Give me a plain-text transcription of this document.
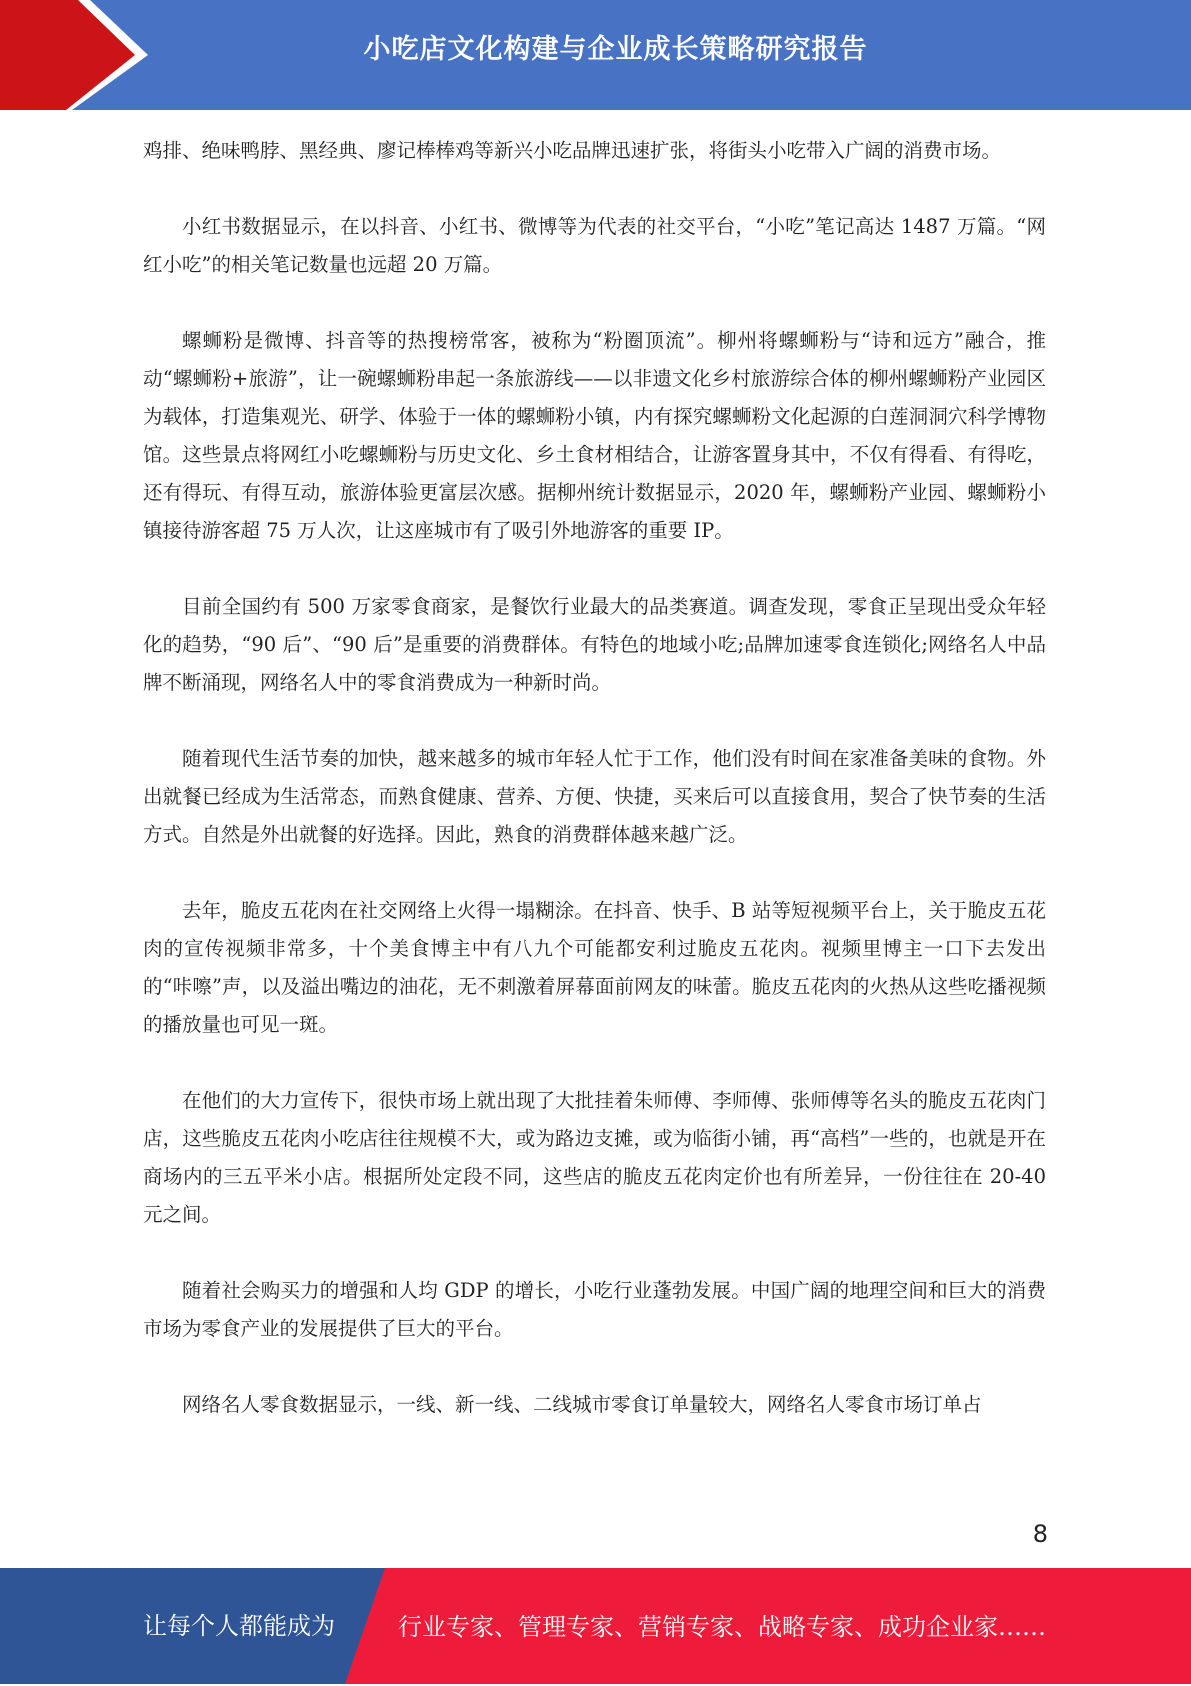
小吃店文化构建与企业成长策略研究报告

鸡排、绝味鸭脖、黑经典、廖记棒棒鸡等新兴小吃品牌迅速扩张，将街头小吃带入广阔的消费市场。

小红书数据显示，在以抖音、小红书、微博等为代表的社交平台，“小吃”笔记高达 1487 万篇。“网红小吃”的相关笔记数量也远超 20 万篇。

螺蛳粉是微博、抖音等的热搜榜常客，被称为“粉圈顶流”。柳州将螺蛳粉与“诗和远方”融合，推动“螺蛳粉+旅游”，让一碗螺蛳粉串起一条旅游线——以非遗文化乡村旅游综合体的柳州螺蛳粉产业园区为载体，打造集观光、研学、体验于一体的螺蛳粉小镇，内有探究螺蛳粉文化起源的白莲洞洞穴科学博物馆。这些景点将网红小吃螺蛳粉与历史文化、乡土食材相结合，让游客置身其中，不仅有得看、有得吃，还有得玩、有得互动，旅游体验更富层次感。据柳州统计数据显示，2020 年，螺蛳粉产业园、螺蛳粉小镇接待游客超 75 万人次，让这座城市有了吸引外地游客的重要 IP。

目前全国约有 500 万家零食商家，是餐饮行业最大的品类赛道。调查发现，零食正呈现出受众年轻化的趋势，“90 后”、“90 后”是重要的消费群体。有特色的地域小吃;品牌加速零食连锁化;网络名人中品牌不断涌现，网络名人中的零食消费成为一种新时尚。

随着现代生活节奏的加快，越来越多的城市年轻人忙于工作，他们没有时间在家准备美味的食物。外出就餐已经成为生活常态，而熟食健康、营养、方便、快捷，买来后可以直接食用，契合了快节奏的生活方式。自然是外出就餐的好选择。因此，熟食的消费群体越来越广泛。

去年，脆皮五花肉在社交网络上火得一塌糊涂。在抖音、快手、B 站等短视频平台上，关于脆皮五花肉的宣传视频非常多，十个美食博主中有八九个可能都安利过脆皮五花肉。视频里博主一口下去发出的“咔嚓”声，以及溢出嘴边的油花，无不刺激着屏幕面前网友的味蕾。脆皮五花肉的火热从这些吃播视频的播放量也可见一斑。

在他们的大力宣传下，很快市场上就出现了大批挂着朱师傅、李师傅、张师傅等名头的脆皮五花肉门店，这些脆皮五花肉小吃店往往规模不大，或为路边支摊，或为临街小铺，再“高档”一些的，也就是开在商场内的三五平米小店。根据所处定段不同，这些店的脆皮五花肉定价也有所差异，一份往往在 20-40 元之间。

随着社会购买力的增强和人均 GDP 的增长，小吃行业蓬勃发展。中国广阔的地理空间和巨大的消费市场为零食产业的发展提供了巨大的平台。

网络名人零食数据显示，一线、新一线、二线城市零食订单量较大，网络名人零食市场订单占

8
让每个人都能成为	行业专家、管理专家、营销专家、战略专家、成功企业家……
